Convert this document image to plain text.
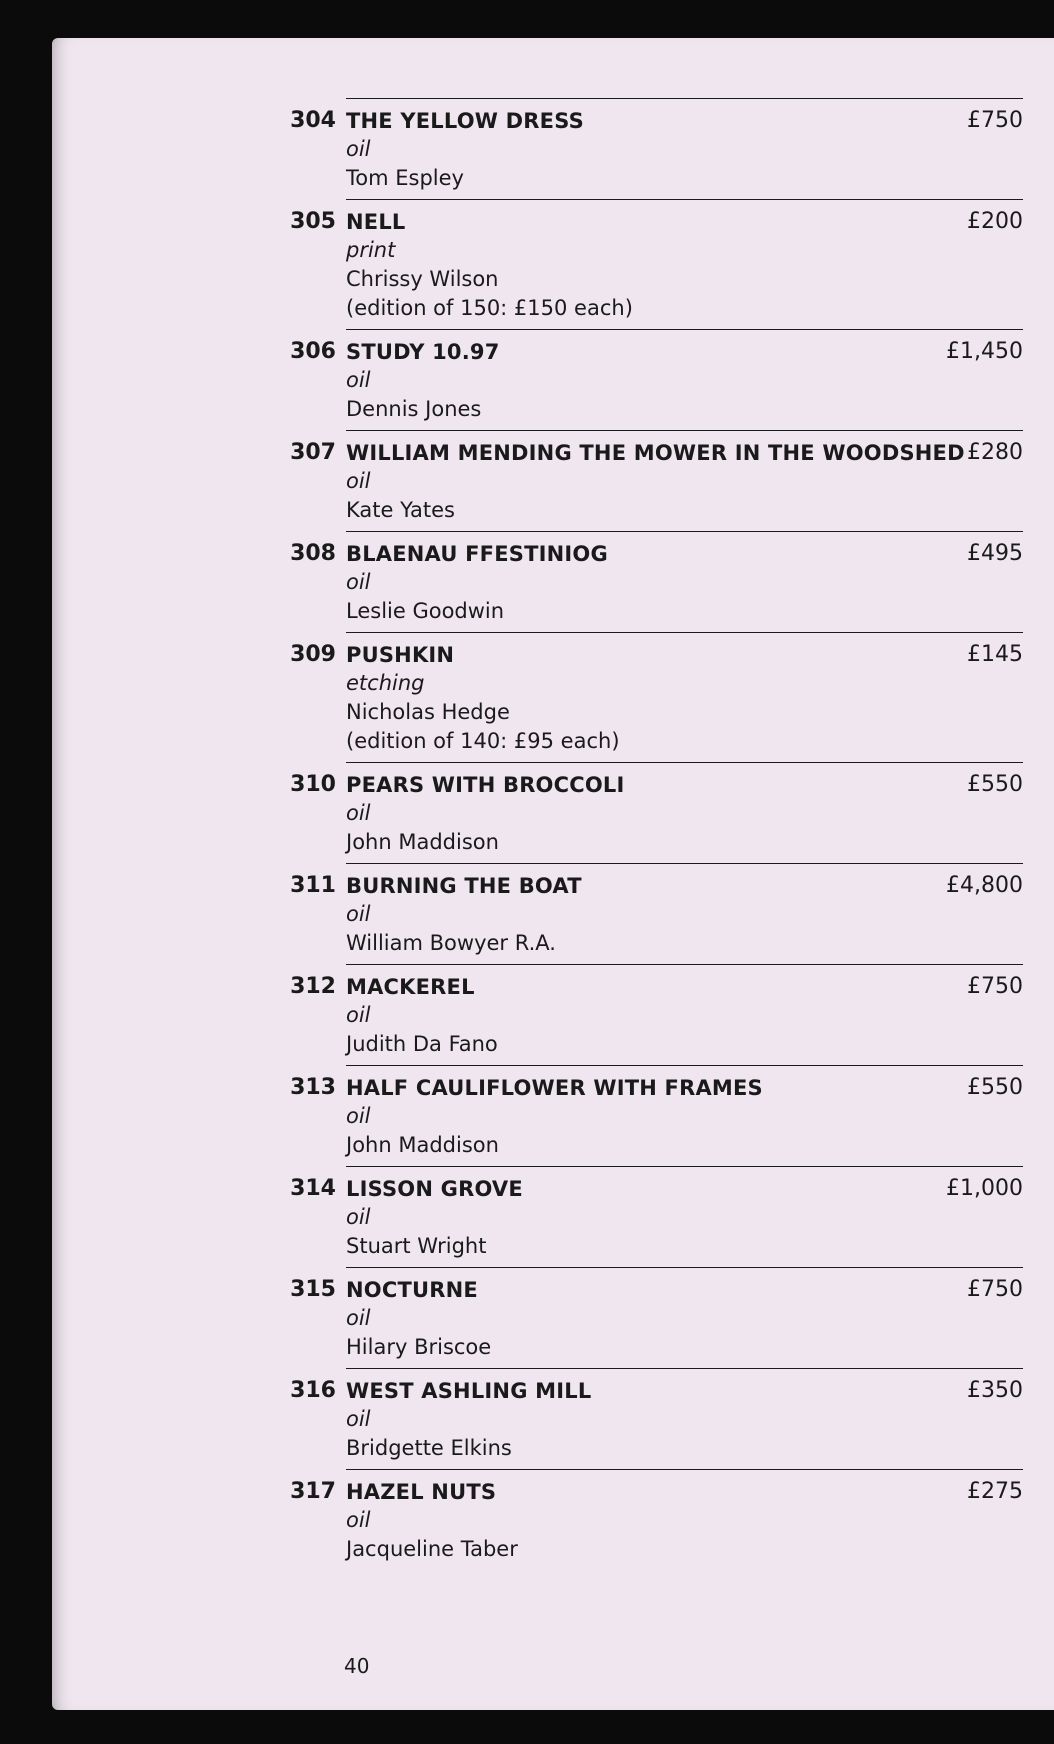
304 THE YELLOW DRESS
oil
Tom Espley
£750
305 NELL
print
Chrissy Wilson
(edition of 150: £150 each)
£200
306 STUDY 10.97
oil
Dennis Jones
£1,450
307 WILLIAM MENDING THE MOWER IN THE WOODSHED
oil
Kate Yates
£280
308 BLAENAU FFESTINIOG
oil
Leslie Goodwin
£495
309 PUSHKIN
etching
Nicholas Hedge
(edition of 140: £95 each)
£145
310 PEARS WITH BROCCOLI
oil
John Maddison
£550
311 BURNING THE BOAT
oil
William Bowyer R.A.
£4,800
312 MACKEREL
oil
Judith Da Fano
£750
313 HALF CAULIFLOWER WITH FRAMES
oil
John Maddison
£550
314 LISSON GROVE
oil
Stuart Wright
£1,000
315 NOCTURNE
oil
Hilary Briscoe
£750
316 WEST ASHLING MILL
oil
Bridgette Elkins
£350
317 HAZEL NUTS
oil
Jacqueline Taber
£275
40
